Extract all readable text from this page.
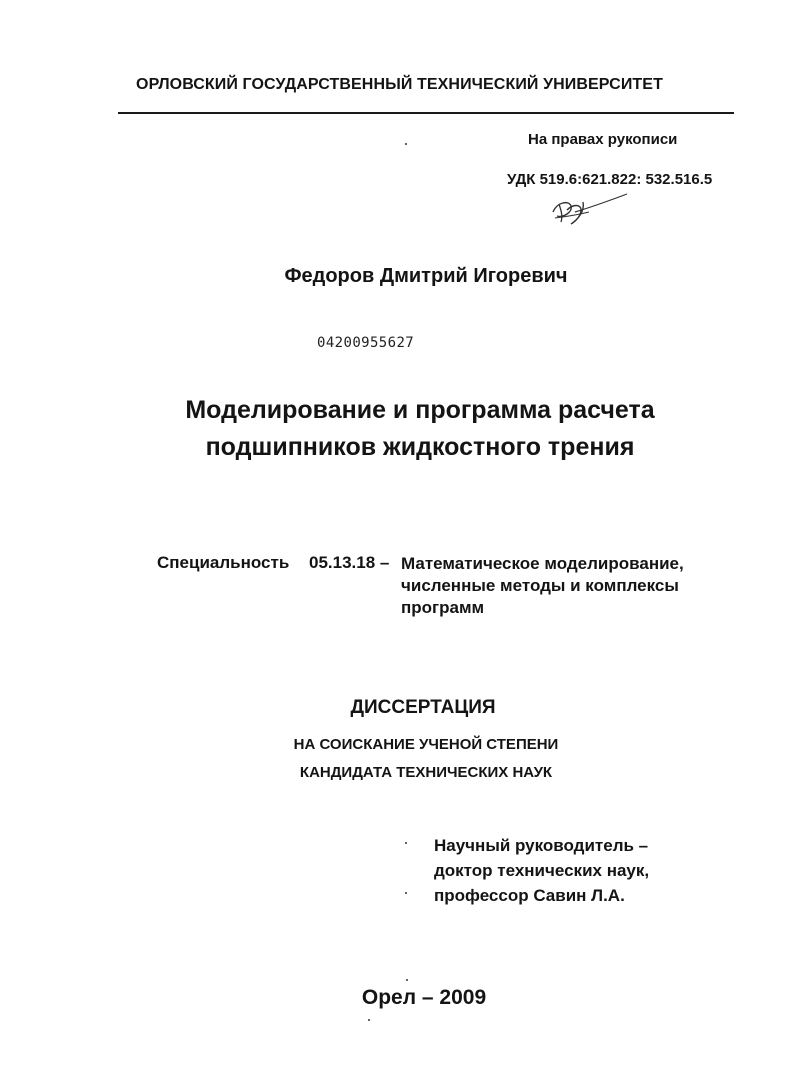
ОРЛОВСКИЙ ГОСУДАРСТВЕННЫЙ ТЕХНИЧЕСКИЙ УНИВЕРСИТЕТ
На правах рукописи
УДК 519.6:621.822: 532.516.5
Федоров Дмитрий Игоревич
04200955627
Моделирование и программа расчета
подшипников жидкостного трения
Специальность 05.13.18 – Математическое моделирование,
численные методы и комплексы
программ
ДИССЕРТАЦИЯ
НА СОИСКАНИЕ УЧЕНОЙ СТЕПЕНИ
КАНДИДАТА ТЕХНИЧЕСКИХ НАУК
Научный руководитель –
доктор технических наук,
профессор Савин Л.А.
Орел – 2009
